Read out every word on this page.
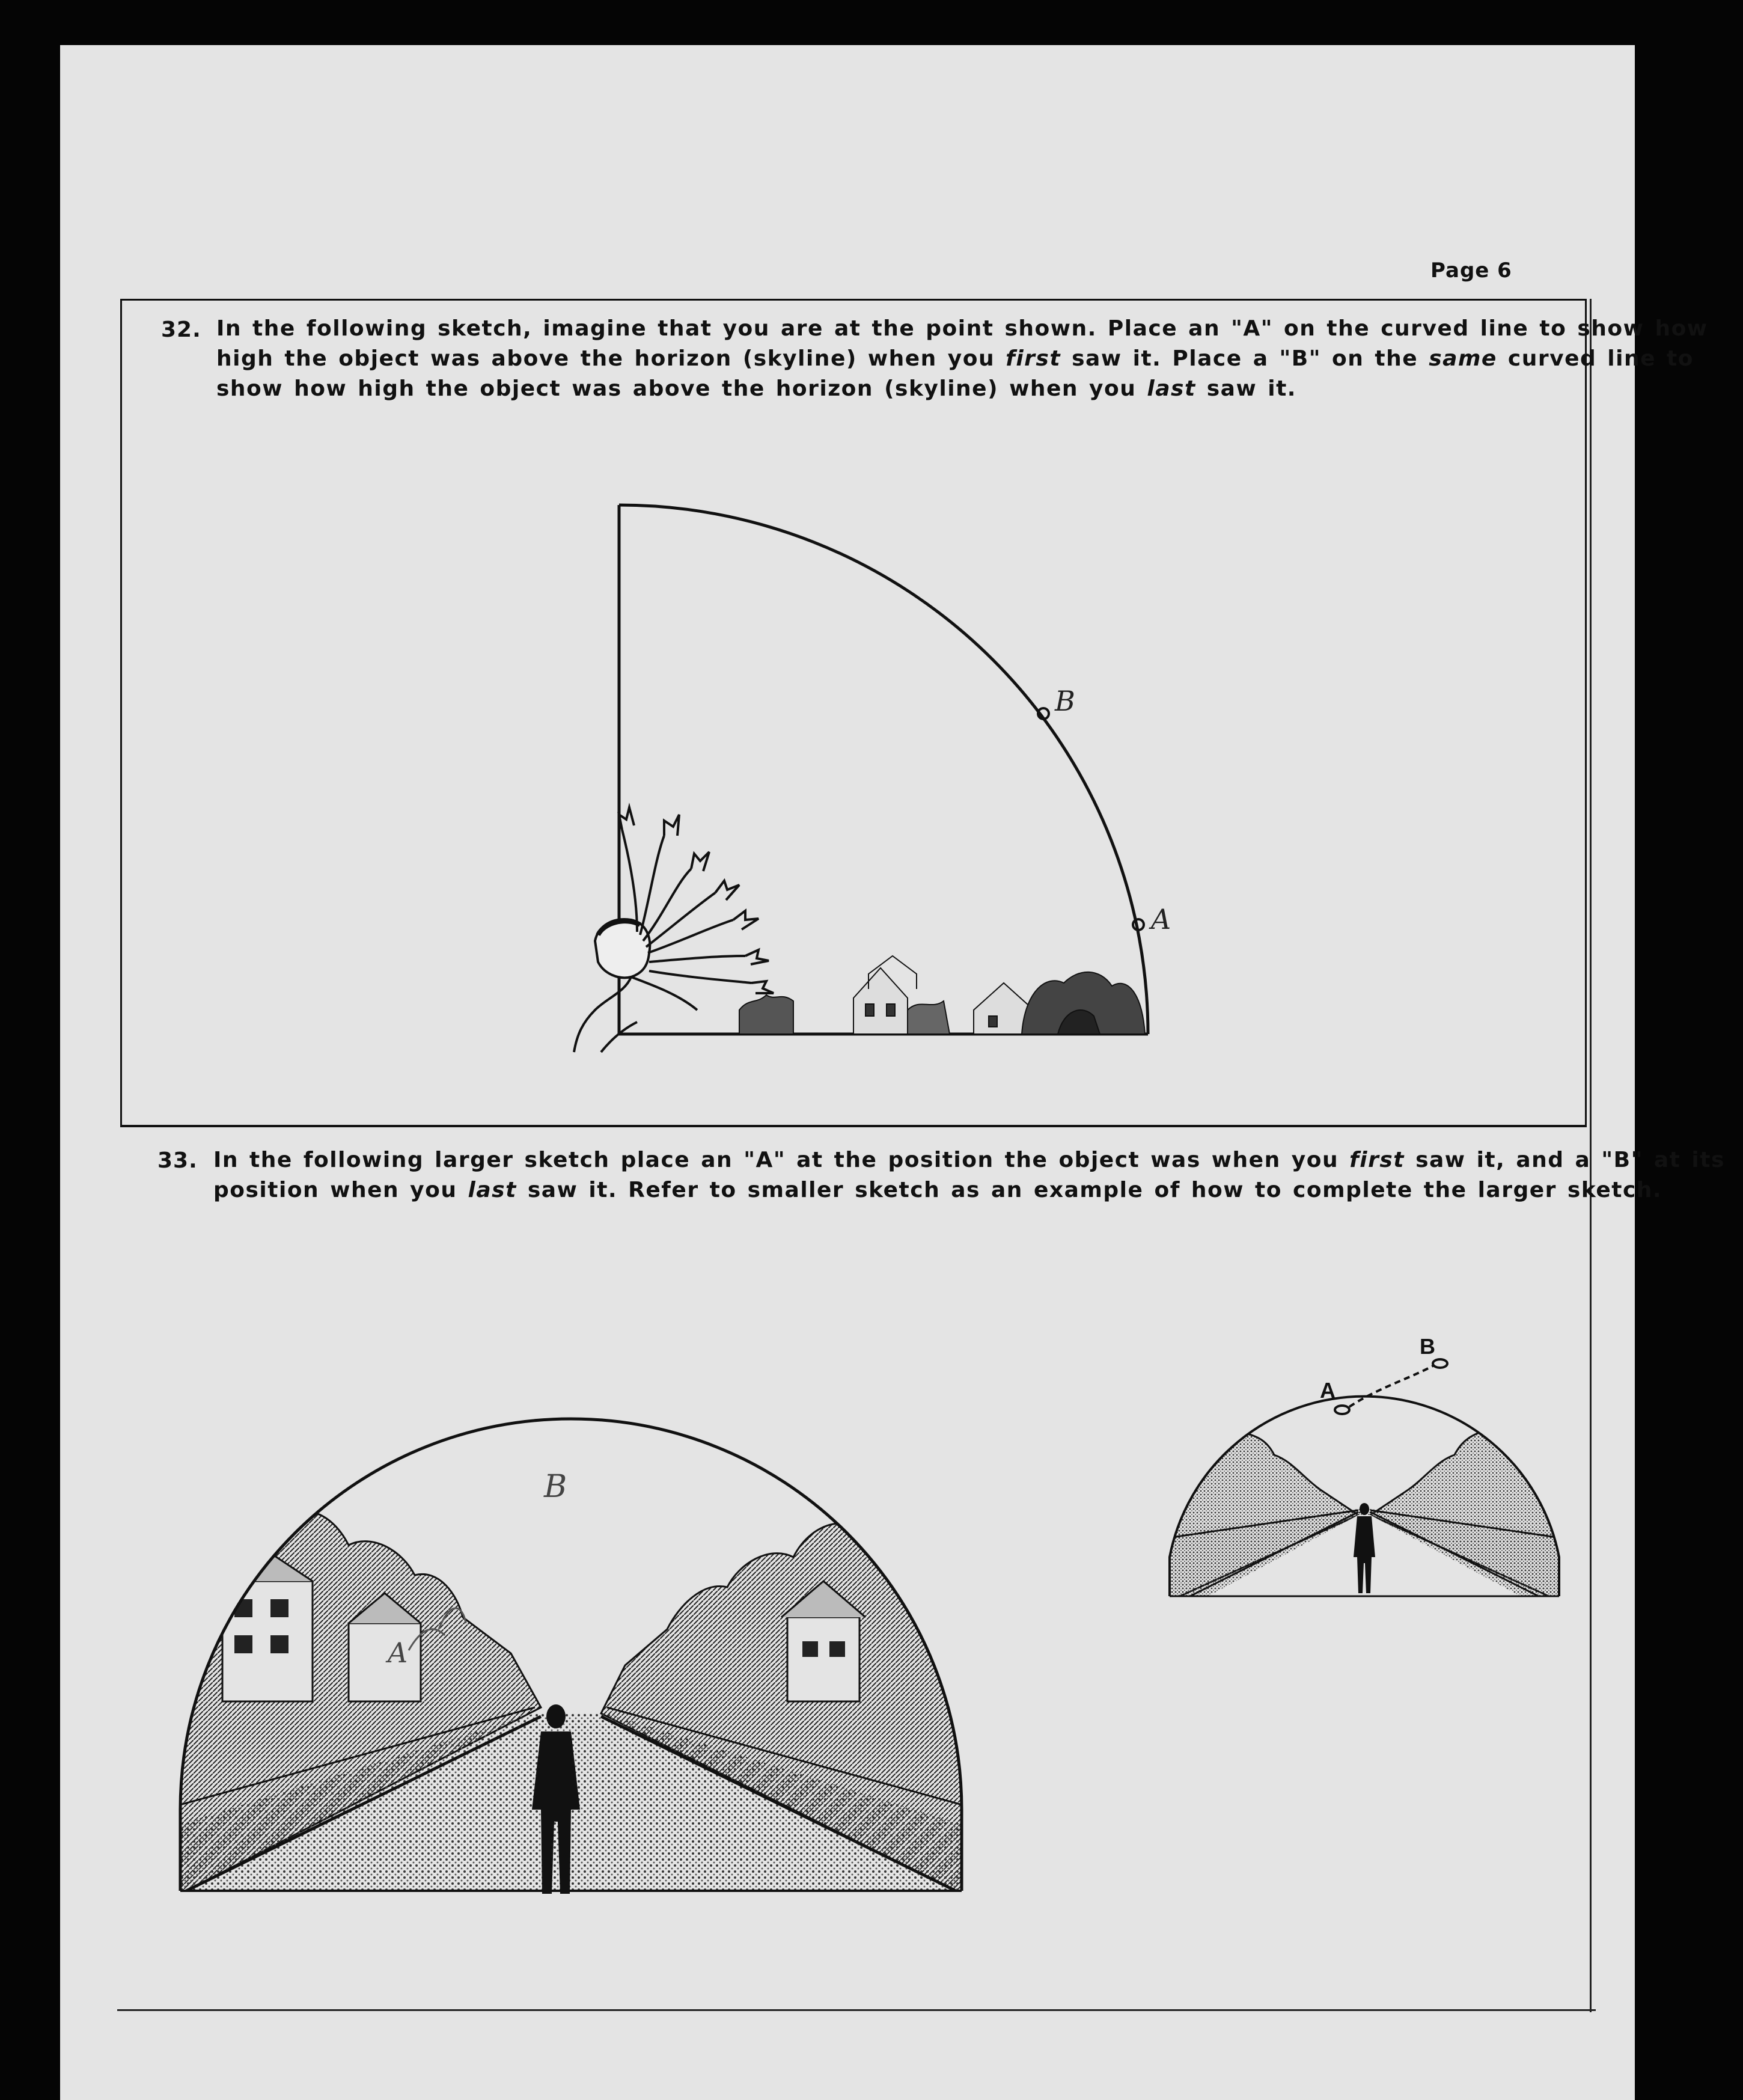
Page 6
32. In the following sketch, imagine that you are at the point shown. Place an "A" on the curved line to show how
high the object was above the horizon (skyline) when you first saw it. Place a "B" on the same curved line to
show how high the object was above the horizon (skyline) when you last saw it.
B
A
33. In the following larger sketch place an "A" at the position the object was when you first saw it, and a "B" at its
position when you last saw it. Refer to smaller sketch as an example of how to complete the larger sketch.
B
.
A
A
B
